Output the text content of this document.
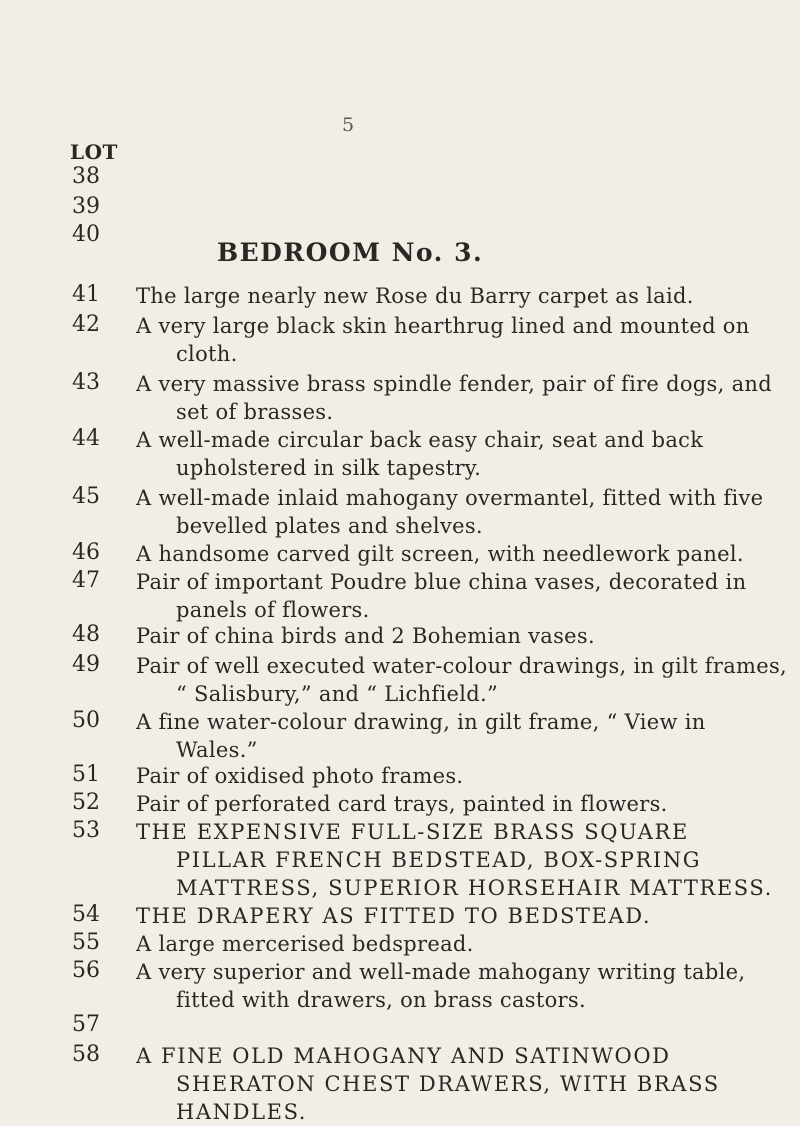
5
LOT
38
39
40
BEDROOM No. 3.
41 The large nearly new Rose du Barry carpet as laid.
42 A very large black skin hearthrug lined and mounted on
cloth.
43 A very massive brass spindle fender, pair of fire dogs, and
set of brasses.
44 A well-made circular back easy chair, seat and back
upholstered in silk tapestry.
45 A well-made inlaid mahogany overmantel, fitted with five
bevelled plates and shelves.
46 A handsome carved gilt screen, with needlework panel.
47 Pair of important Poudre blue china vases, decorated in
panels of flowers.
48 Pair of china birds and 2 Bohemian vases.
49 Pair of well executed water-colour drawings, in gilt frames,
“ Salisbury,” and “ Lichfield.”
50 A fine water-colour drawing, in gilt frame, “ View in
Wales.”
51 Pair of oxidised photo frames.
52 Pair of perforated card trays, painted in flowers.
53 THE EXPENSIVE FULL-SIZE BRASS SQUARE
PILLAR FRENCH BEDSTEAD, BOX-SPRING
MATTRESS, SUPERIOR HORSEHAIR MATTRESS.
54 THE DRAPERY AS FITTED TO BEDSTEAD.
55 A large mercerised bedspread.
56 A very superior and well-made mahogany writing table,
fitted with drawers, on brass castors.
57
58 A FINE OLD MAHOGANY AND SATINWOOD
SHERATON CHEST DRAWERS, WITH BRASS
HANDLES.
